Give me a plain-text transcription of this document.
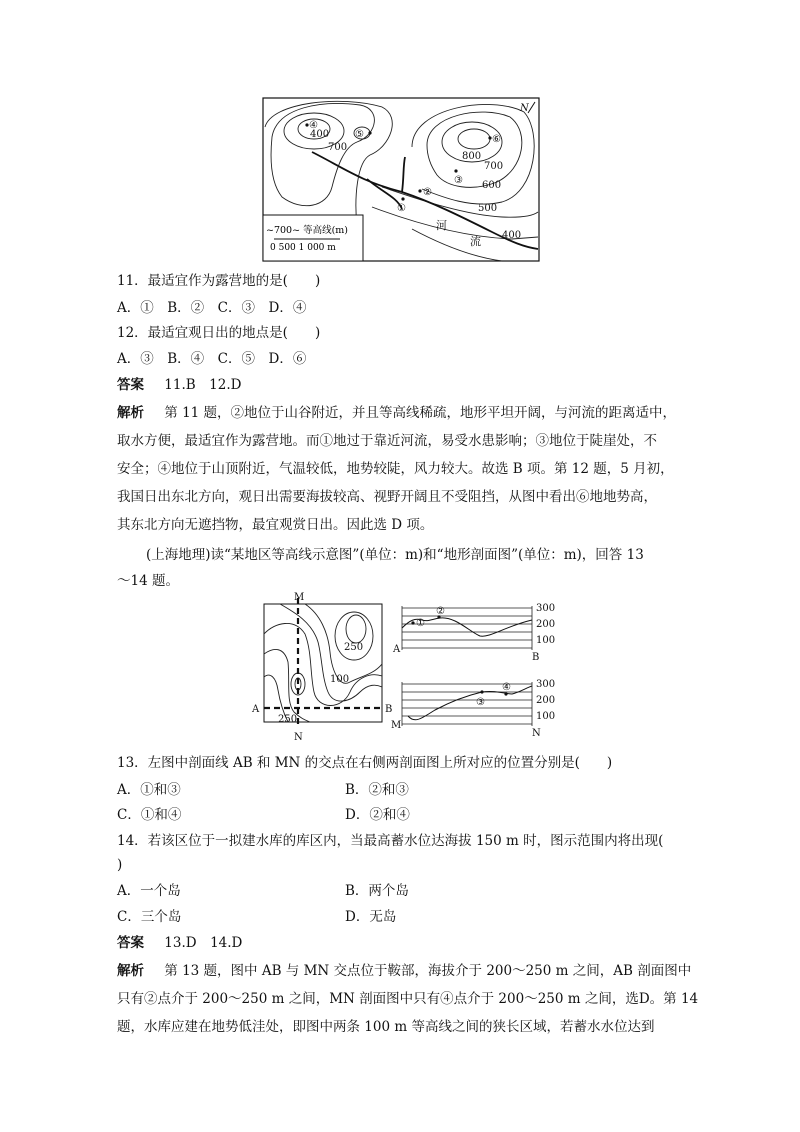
④
400	⑤
700
⑥
800
700
③ 600
②
①	500
400
河
流
N
~700~ 等高线(m)
0 500 1 000 m
11．最适宜作为露营地的是(　　)
A．①　B．②　C．③　D．④
12．最适宜观日出的地点是(　　)
A．③　B．④　C．⑤　D．⑥
答案 11.B　12.D
解析 第 11 题，②地位于山谷附近，并且等高线稀疏，地形平坦开阔，与河流的距离适中，
取水方便，最适宜作为露营地。而①地过于靠近河流，易受水患影响；③地位于陡崖处，不
安全；④地位于山顶附近，气温较低，地势较陡，风力较大。故选 B 项。第 12 题，5 月初，
我国日出东北方向，观日出需要海拔较高、视野开阔且不受阻挡，从图中看出⑥地地势高，
其东北方向无遮挡物，最宜观赏日出。因此选 D 项。
(上海地理)读“某地区等高线示意图”(单位：m)和“地形剖面图”(单位：m)，回答 13
～14 题。
M
N
A	B
250
100
250
①
②	300
200
100
A
B
③
④	300
200
100
M
N
13．左图中剖面线 AB 和 MN 的交点在右侧两剖面图上所对应的位置分别是(　　)
A．①和③	B．②和③
C．①和④	D．②和④
14．若该区位于一拟建水库的库区内，当最高蓄水位达海拔 150 m 时，图示范围内将出现(
)
A．一个岛	B．两个岛
C．三个岛	D．无岛
答案 13.D　14.D
解析 第 13 题，图中 AB 与 MN 交点位于鞍部，海拔介于 200～250 m 之间，AB 剖面图中
只有②点介于 200～250 m 之间，MN 剖面图中只有④点介于 200～250 m 之间，选D。第 14
题，水库应建在地势低洼处，即图中两条 100 m 等高线之间的狭长区域，若蓄水水位达到
